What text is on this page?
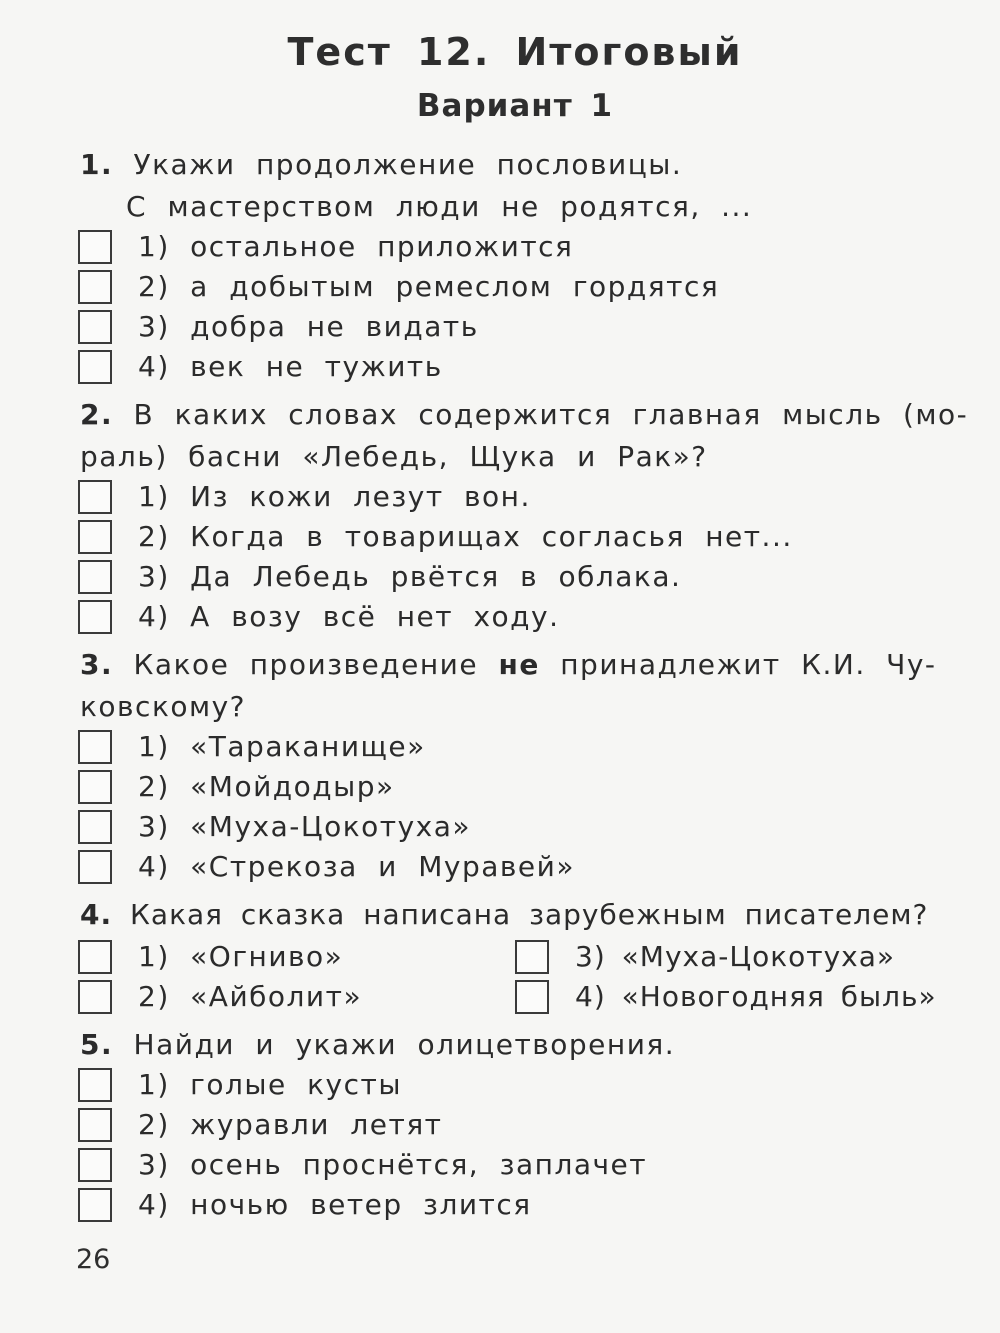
Тест 12. Итоговый
Вариант 1
1. Укажи продолжение пословицы.
С мастерством люди не родятся, ...
1) остальное приложится
2) а добытым ремеслом гордятся
3) добра не видать
4) век не тужить
2. В каких словах содержится главная мысль (мо-
раль) басни «Лебедь, Щука и Рак»?
1) Из кожи лезут вон.
2) Когда в товарищах согласья нет...
3) Да Лебедь рвётся в облака.
4) А возу всё нет ходу.
3. Какое произведение не принадлежит К.И. Чу-
ковскому?
1) «Тараканище»
2) «Мойдодыр»
3) «Муха-Цокотуха»
4) «Стрекоза и Муравей»
4. Какая сказка написана зарубежным писателем?
1) «Огниво»
2) «Айболит»
3) «Муха-Цокотуха»
4) «Новогодняя быль»
5. Найди и укажи олицетворения.
1) голые кусты
2) журавли летят
3) осень проснётся, заплачет
4) ночью ветер злится
26
